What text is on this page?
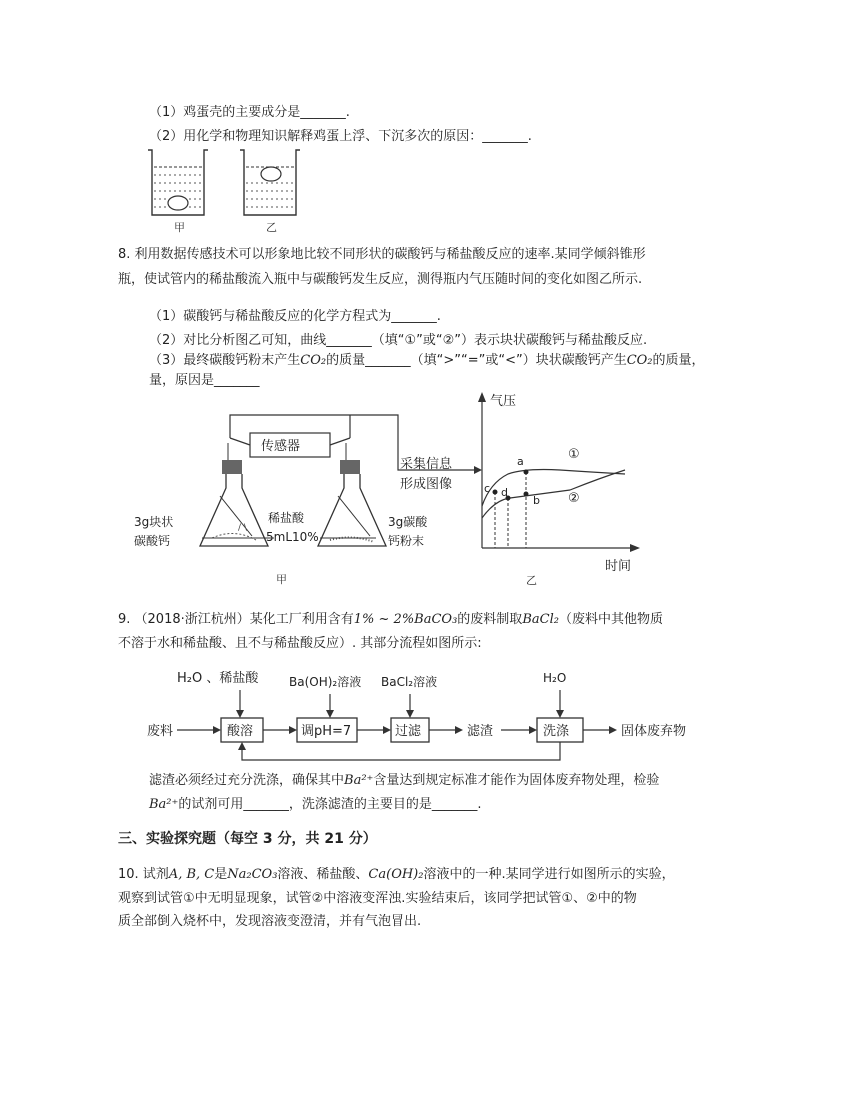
（1）鸡蛋壳的主要成分是_______.
（2）用化学和物理知识解释鸡蛋上浮、下沉多次的原因：_______.
甲	乙
8. 利用数据传感技术可以形象地比较不同形状的碳酸钙与稀盐酸反应的速率.某同学倾斜锥形
瓶，使试管内的稀盐酸流入瓶中与碳酸钙发生反应，测得瓶内气压随时间的变化如图乙所示.
（1）碳酸钙与稀盐酸反应的化学方程式为_______.
（2）对比分析图乙可知，曲线_______（填“①”或“②”）表示块状碳酸钙与稀盐酸反应.
（3）最终碳酸钙粉末产生CO₂的质量_______（填“>”“=”或“<”）块状碳酸钙产生CO₂的质量，
量，原因是_______
传感器
/ \
3g块状
碳酸钙
稀盐酸
5mL10%
3g碳酸
钙粉末
甲
采集信息
形成图像
气压
时间
a
b
c d
①
②
乙
9. （2018·浙江杭州）某化工厂利用含有1% ~ 2%BaCO₃的废料制取BaCl₂（废料中其他物质
不溶于水和稀盐酸、且不与稀盐酸反应）. 其部分流程如图所示:
H₂O 、稀盐酸	Ba(OH)₂溶液 BaCl₂溶液	H₂O
废料	酸溶	调pH=7	过滤	滤渣	洗涤	固体废弃物
滤渣必须经过充分洗涤，确保其中Ba²⁺含量达到规定标准才能作为固体废弃物处理，检验
Ba²⁺的试剂可用_______，洗涤滤渣的主要目的是_______.
三、实验探究题（每空 3 分，共 21 分）
10. 试剂A, B, C是Na₂CO₃溶液、稀盐酸、Ca(OH)₂溶液中的一种.某同学进行如图所示的实验，
观察到试管①中无明显现象，试管②中溶液变浑浊.实验结束后，该同学把试管①、②中的物
质全部倒入烧杯中，发现溶液变澄清，并有气泡冒出.
